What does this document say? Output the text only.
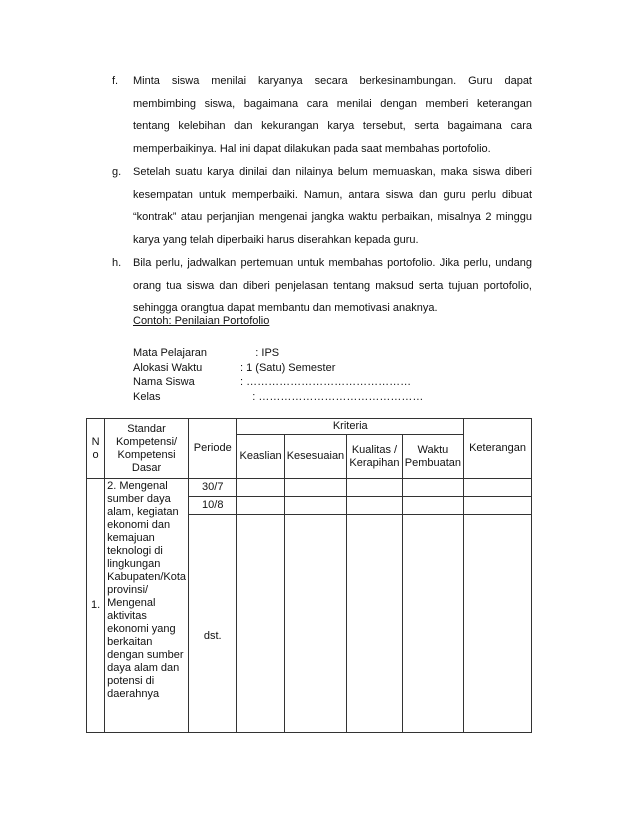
f.	Minta siswa menilai karyanya secara berkesinambungan. Guru dapat membimbing siswa, bagaimana cara menilai dengan memberi keterangan tentang kelebihan dan kekurangan karya tersebut, serta bagaimana cara memperbaikinya. Hal ini dapat dilakukan pada saat membahas portofolio.
g.	Setelah suatu karya dinilai dan nilainya belum memuaskan, maka siswa diberi kesempatan untuk memperbaiki. Namun, antara siswa dan guru perlu dibuat “kontrak” atau perjanjian mengenai jangka waktu perbaikan, misalnya 2 minggu karya yang telah diperbaiki harus diserahkan kepada guru.
h.	Bila perlu, jadwalkan pertemuan untuk membahas portofolio. Jika perlu, undang orang tua siswa dan diberi penjelasan tentang maksud serta tujuan portofolio, sehingga orangtua dapat membantu dan memotivasi anaknya.
Contoh: Penilaian Portofolio
Mata Pelajaran	: IPS
Alokasi Waktu	: 1 (Satu) Semester
Nama Siswa	: ………………………………………
Kelas	: ………………………………………
N o	Standar Kompetensi/ Kompetensi Dasar	Periode	Kriteria				Keterangan
			Keaslian	Kesesuaian	Kualitas / Kerapihan	Waktu Pembuatan	
1.	2. Mengenal sumber daya alam, kegiatan ekonomi dan kemajuan teknologi di lingkungan Kabupaten/Kota provinsi/ Mengenal aktivitas ekonomi yang berkaitan dengan sumber daya alam dan potensi di daerahnya	30/7					
		10/8					
		dst.					
